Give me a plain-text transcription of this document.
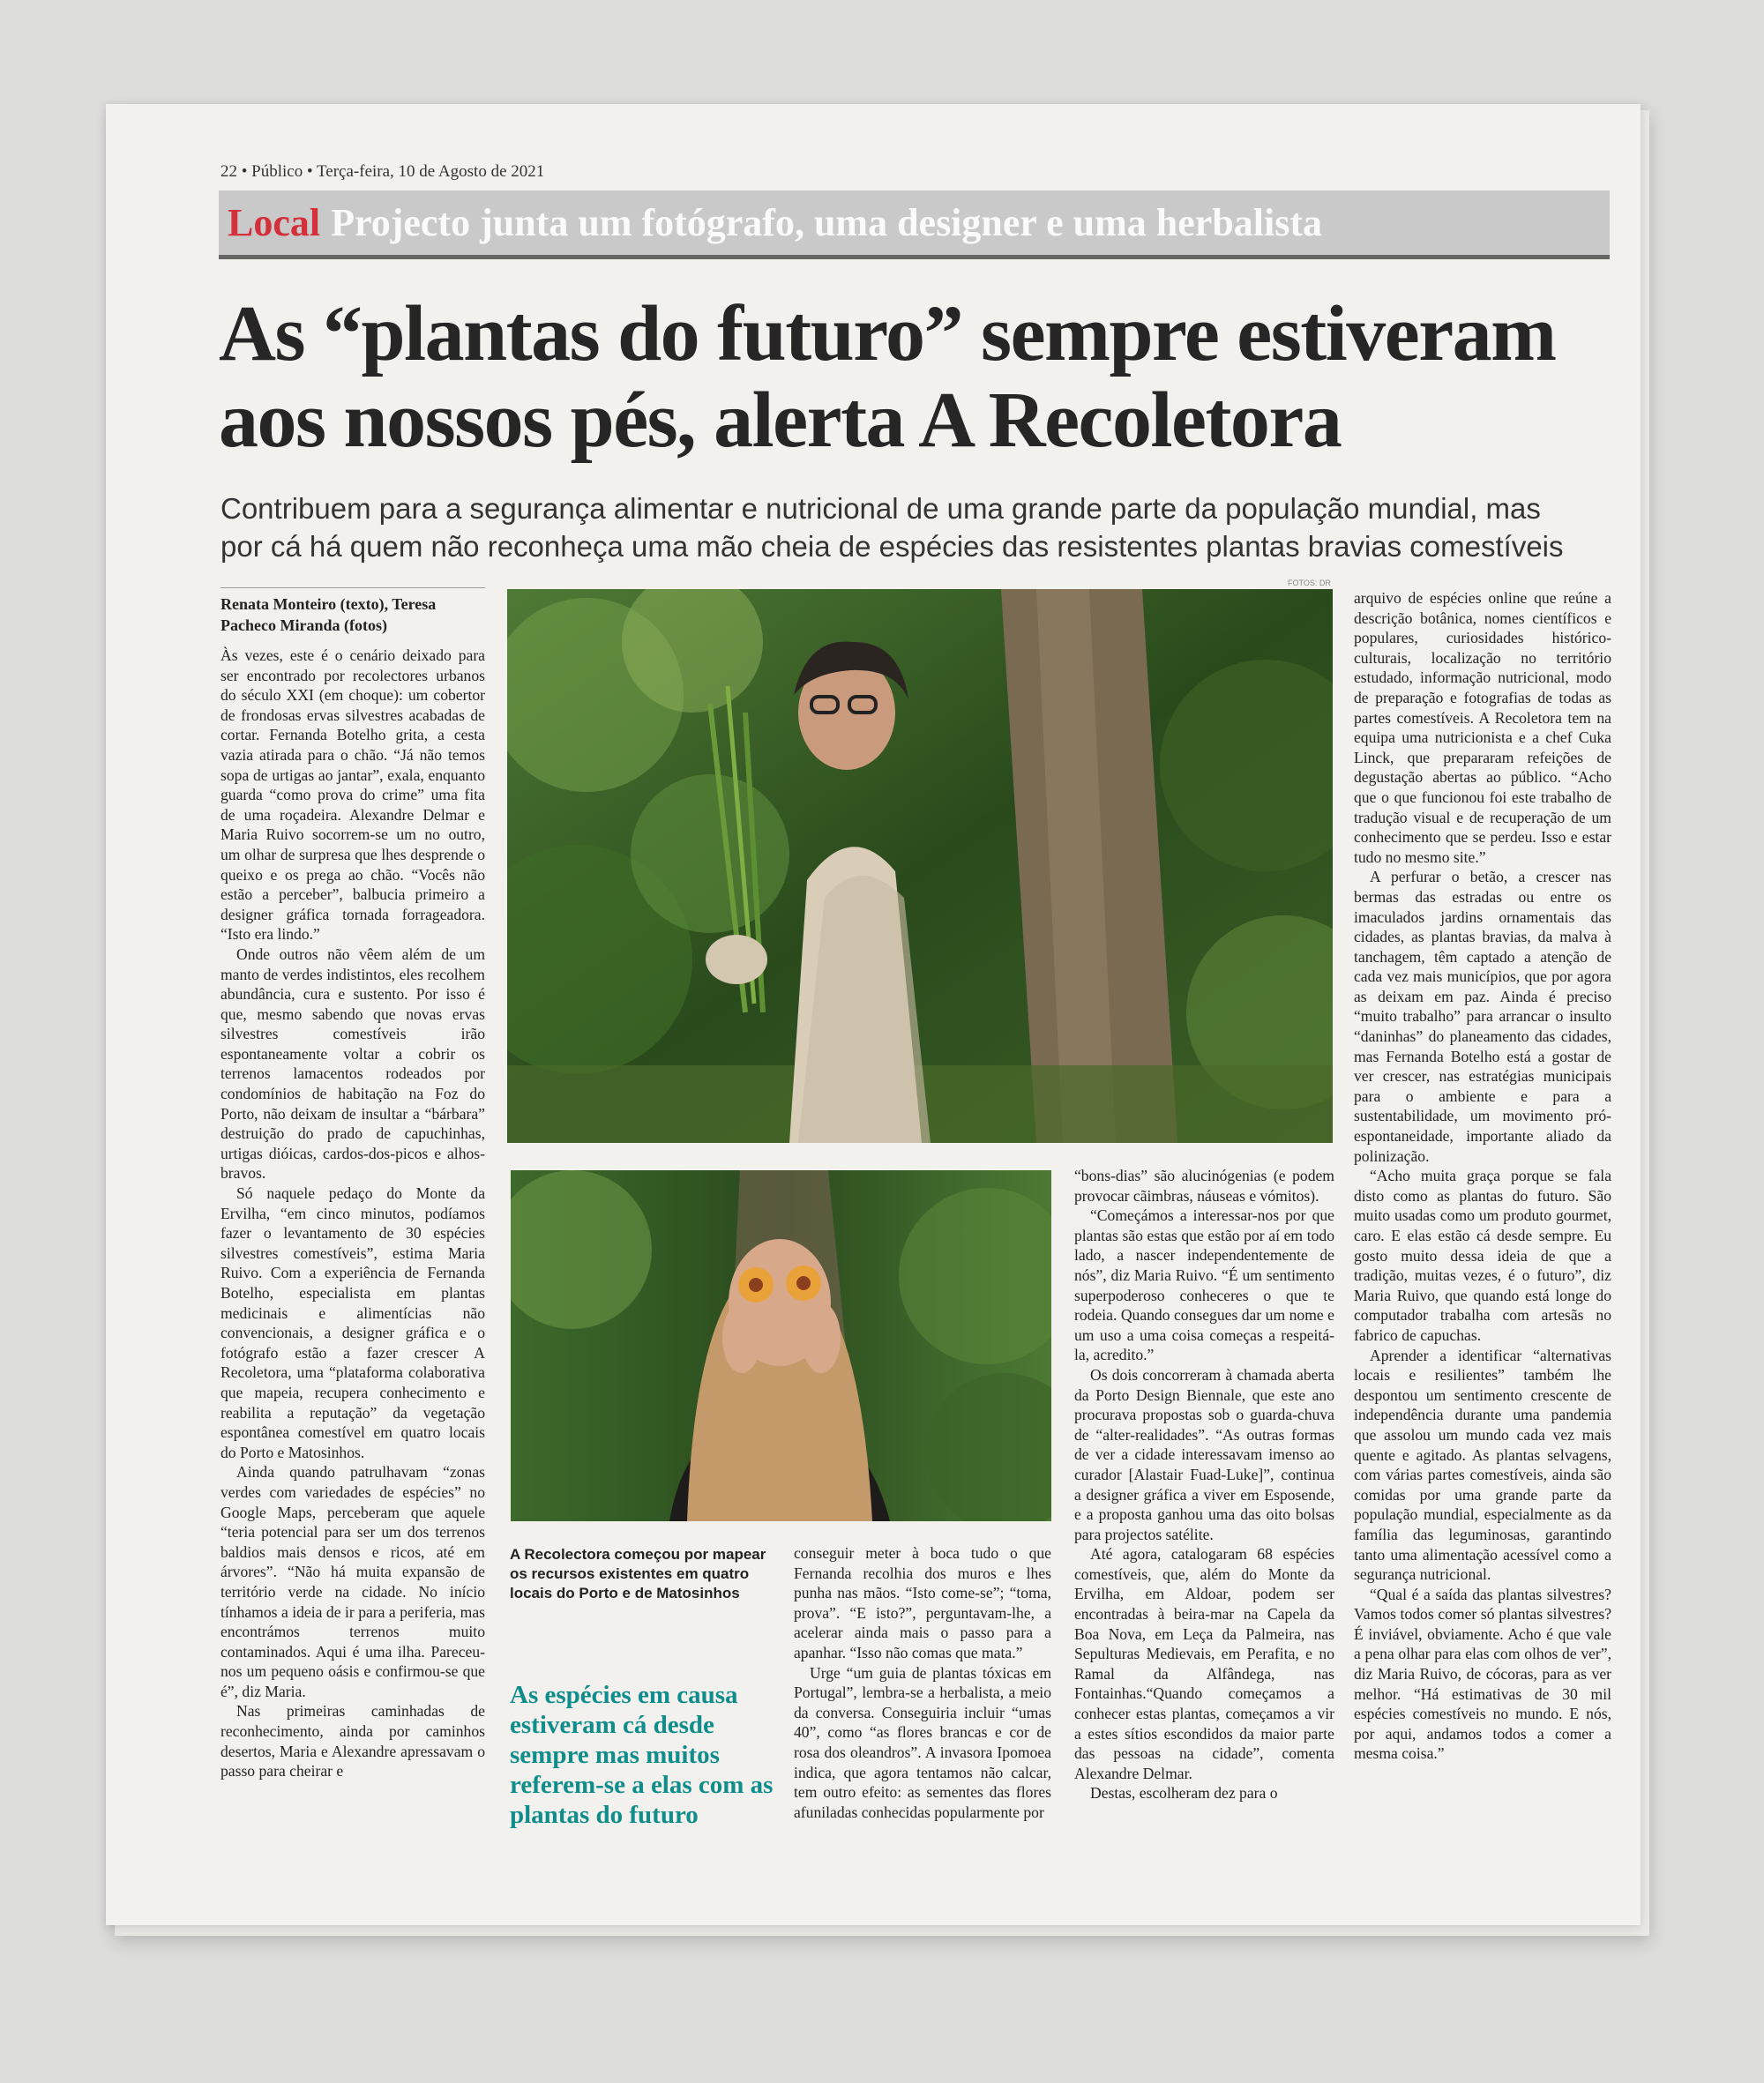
22 • Público • Terça-feira, 10 de Agosto de 2021
Local Projecto junta um fotógrafo, uma designer e uma herbalista
As “plantas do futuro” sempre estiveram
aos nossos pés, alerta A Recoletora
Contribuem para a segurança alimentar e nutricional de uma grande parte da população mundial, mas
por cá há quem não reconheça uma mão cheia de espécies das resistentes plantas bravias comestíveis
Renata Monteiro (texto), Teresa Pacheco Miranda (fotos)

Às vezes, este é o cenário deixado para ser encontrado por recolectores urbanos do século XXI (em choque): um cobertor de frondosas ervas silvestres acabadas de cortar. Fernanda Botelho grita, a cesta vazia atirada para o chão. “Já não temos sopa de urtigas ao jantar”, exala, enquanto guarda “como prova do crime” uma fita de uma roçadeira. Alexandre Delmar e Maria Ruivo socorrem-se um no outro, um olhar de surpresa que lhes desprende o queixo e os prega ao chão. “Vocês não estão a perceber”, balbucia primeiro a designer gráfica tornada forrageadora. “Isto era lindo.”

Onde outros não vêem além de um manto de verdes indistintos, eles recolhem abundância, cura e sustento. Por isso é que, mesmo sabendo que novas ervas silvestres comestíveis irão espontaneamente voltar a cobrir os terrenos lamacentos rodeados por condomínios de habitação na Foz do Porto, não deixam de insultar a “bárbara” destruição do prado de capuchinhas, urtigas dióicas, cardos-dos-picos e alhos-bravos.

Só naquele pedaço do Monte da Ervilha, “em cinco minutos, podíamos fazer o levantamento de 30 espécies silvestres comestíveis”, estima Maria Ruivo. Com a experiência de Fernanda Botelho, especialista em plantas medicinais e alimentícias não convencionais, a designer gráfica e o fotógrafo estão a fazer crescer A Recoletora, uma “plataforma colaborativa que mapeia, recupera conhecimento e reabilita a reputação” da vegetação espontânea comestível em quatro locais do Porto e Matosinhos.

Ainda quando patrulhavam “zonas verdes com variedades de espécies” no Google Maps, perceberam que aquele “teria potencial para ser um dos terrenos baldios mais densos e ricos, até em árvores”. “Não há muita expansão de território verde na cidade. No início tínhamos a ideia de ir para a periferia, mas encontrámos terrenos muito contaminados. Aqui é uma ilha. Pareceu-nos um pequeno oásis e confirmou-se que é”, diz Maria.

Nas primeiras caminhadas de reconhecimento, ainda por caminhos desertos, Maria e Alexandre apressavam o passo para cheirar e

FOTOS: DR
A Recolectora começou por mapear os recursos existentes em quatro locais do Porto e de Matosinhos
As espécies em causa estiveram cá desde sempre mas muitos referem-se a elas com as plantas do futuro

conseguir meter à boca tudo o que Fernanda recolhia dos muros e lhes punha nas mãos. “Isto come-se”; “toma, prova”. “E isto?”, perguntavam-lhe, a acelerar ainda mais o passo para a apanhar. “Isso não comas que mata.”

Urge “um guia de plantas tóxicas em Portugal”, lembra-se a herbalista, a meio da conversa. Conseguiria incluir “umas 40”, como “as flores brancas e cor de rosa dos oleandros”. A invasora Ipomoea indica, que agora tentamos não calcar, tem outro efeito: as sementes das flores afuniladas conhecidas popularmente por

“bons-dias” são alucinógenias (e podem provocar cãimbras, náuseas e vómitos).

“Começámos a interessar-nos por que plantas são estas que estão por aí em todo lado, a nascer independentemente de nós”, diz Maria Ruivo. “É um sentimento superpoderoso conheceres o que te rodeia. Quando consegues dar um nome e um uso a uma coisa começas a respeitá-la, acredito.”

Os dois concorreram à chamada aberta da Porto Design Biennale, que este ano procurava propostas sob o guarda-chuva de “alter-realidades”. “As outras formas de ver a cidade interessavam imenso ao curador [Alastair Fuad-Luke]”, continua a designer gráfica a viver em Esposende, e a proposta ganhou uma das oito bolsas para projectos satélite.

Até agora, catalogaram 68 espécies comestíveis, que, além do Monte da Ervilha, em Aldoar, podem ser encontradas à beira-mar na Capela da Boa Nova, em Leça da Palmeira, nas Sepulturas Medievais, em Perafita, e no Ramal da Alfândega, nas Fontainhas.“Quando começamos a conhecer estas plantas, começamos a vir a estes sítios escondidos da maior parte das pessoas na cidade”, comenta Alexandre Delmar.

Destas, escolheram dez para o

arquivo de espécies online que reúne a descrição botânica, nomes científicos e populares, curiosidades histórico-culturais, localização no território estudado, informação nutricional, modo de preparação e fotografias de todas as partes comestíveis. A Recoletora tem na equipa uma nutricionista e a chef Cuka Linck, que prepararam refeições de degustação abertas ao público. “Acho que o que funcionou foi este trabalho de tradução visual e de recuperação de um conhecimento que se perdeu. Isso e estar tudo no mesmo site.”

A perfurar o betão, a crescer nas bermas das estradas ou entre os imaculados jardins ornamentais das cidades, as plantas bravias, da malva à tanchagem, têm captado a atenção de cada vez mais municípios, que por agora as deixam em paz. Ainda é preciso “muito trabalho” para arrancar o insulto “daninhas” do planeamento das cidades, mas Fernanda Botelho está a gostar de ver crescer, nas estratégias municipais para o ambiente e para a sustentabilidade, um movimento pró-espontaneidade, importante aliado da polinização.

“Acho muita graça porque se fala disto como as plantas do futuro. São muito usadas como um produto gourmet, caro. E elas estão cá desde sempre. Eu gosto muito dessa ideia de que a tradição, muitas vezes, é o futuro”, diz Maria Ruivo, que quando está longe do computador trabalha com artesãs no fabrico de capuchas.

Aprender a identificar “alternativas locais e resilientes” também lhe despontou um sentimento crescente de independência durante uma pandemia que assolou um mundo cada vez mais quente e agitado. As plantas selvagens, com várias partes comestíveis, ainda são comidas por uma grande parte da população mundial, especialmente as da família das leguminosas, garantindo tanto uma alimentação acessível como a segurança nutricional.

“Qual é a saída das plantas silvestres? Vamos todos comer só plantas silvestres? É inviável, obviamente. Acho é que vale a pena olhar para elas com olhos de ver”, diz Maria Ruivo, de cócoras, para as ver melhor. “Há estimativas de 30 mil espécies comestíveis no mundo. E nós, por aqui, andamos todos a comer a mesma coisa.”
